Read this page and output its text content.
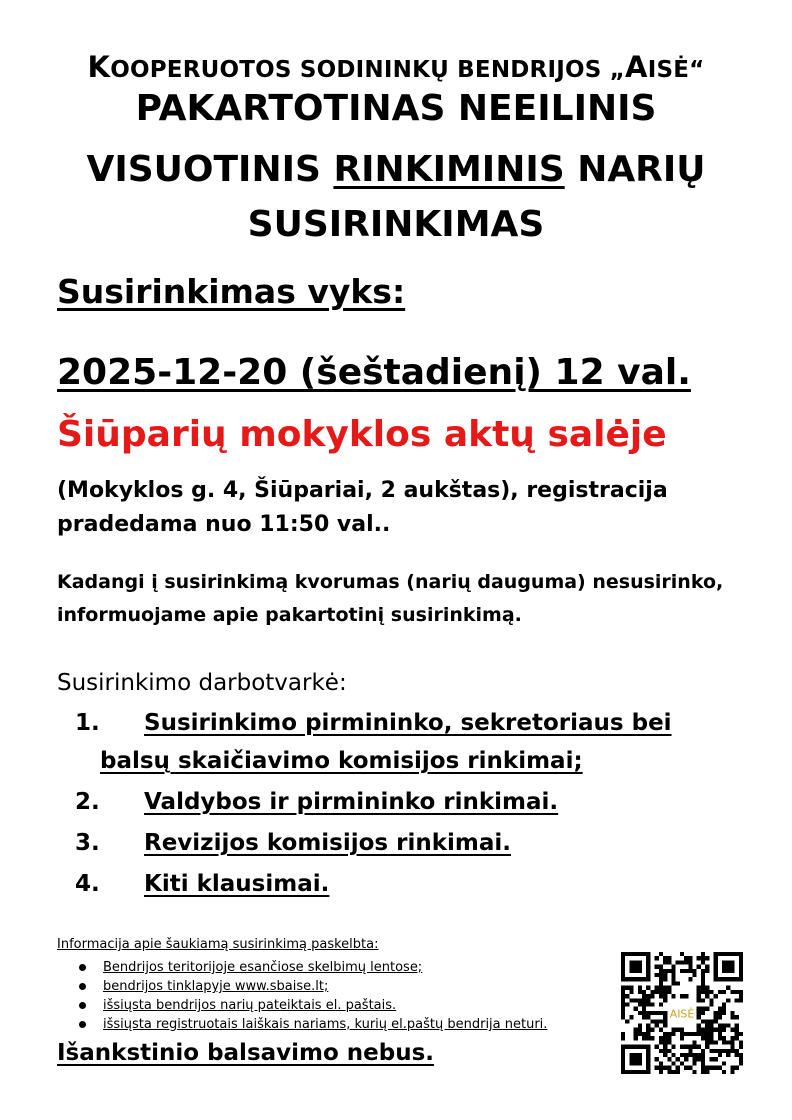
KOOPERUOTOS SODININKŲ BENDRIJOS „AISĖ“
PAKARTOTINAS NEEILINIS
VISUOTINIS RINKIMINIS NARIŲ
SUSIRINKIMAS
Susirinkimas vyks:
2025-12-20 (šeštadienį) 12 val.
Šiūparių mokyklos aktų salėje
(Mokyklos g. 4, Šiūpariai, 2 aukštas), registracija pradedama nuo 11:50 val..
Kadangi į susirinkimą kvorumas (narių dauguma) nesusirinko, informuojame apie pakartotinį susirinkimą.
Susirinkimo darbotvarkė:
1. Susirinkimo pirmininko, sekretoriaus bei
balsų skaičiavimo komisijos rinkimai;
2. Valdybos ir pirmininko rinkimai.
3. Revizijos komisijos rinkimai.
4. Kiti klausimai.
Informacija apie šaukiamą susirinkimą paskelbta:
Bendrijos teritorijoje esančiose skelbimų lentose;
bendrijos tinklapyje www.sbaise.lt;
išsiųsta bendrijos narių pateiktais el. paštais.
išsiųsta registruotais laiškais nariams, kurių el.paštų bendrija neturi.
Išankstinio balsavimo nebus.
AISĖ
